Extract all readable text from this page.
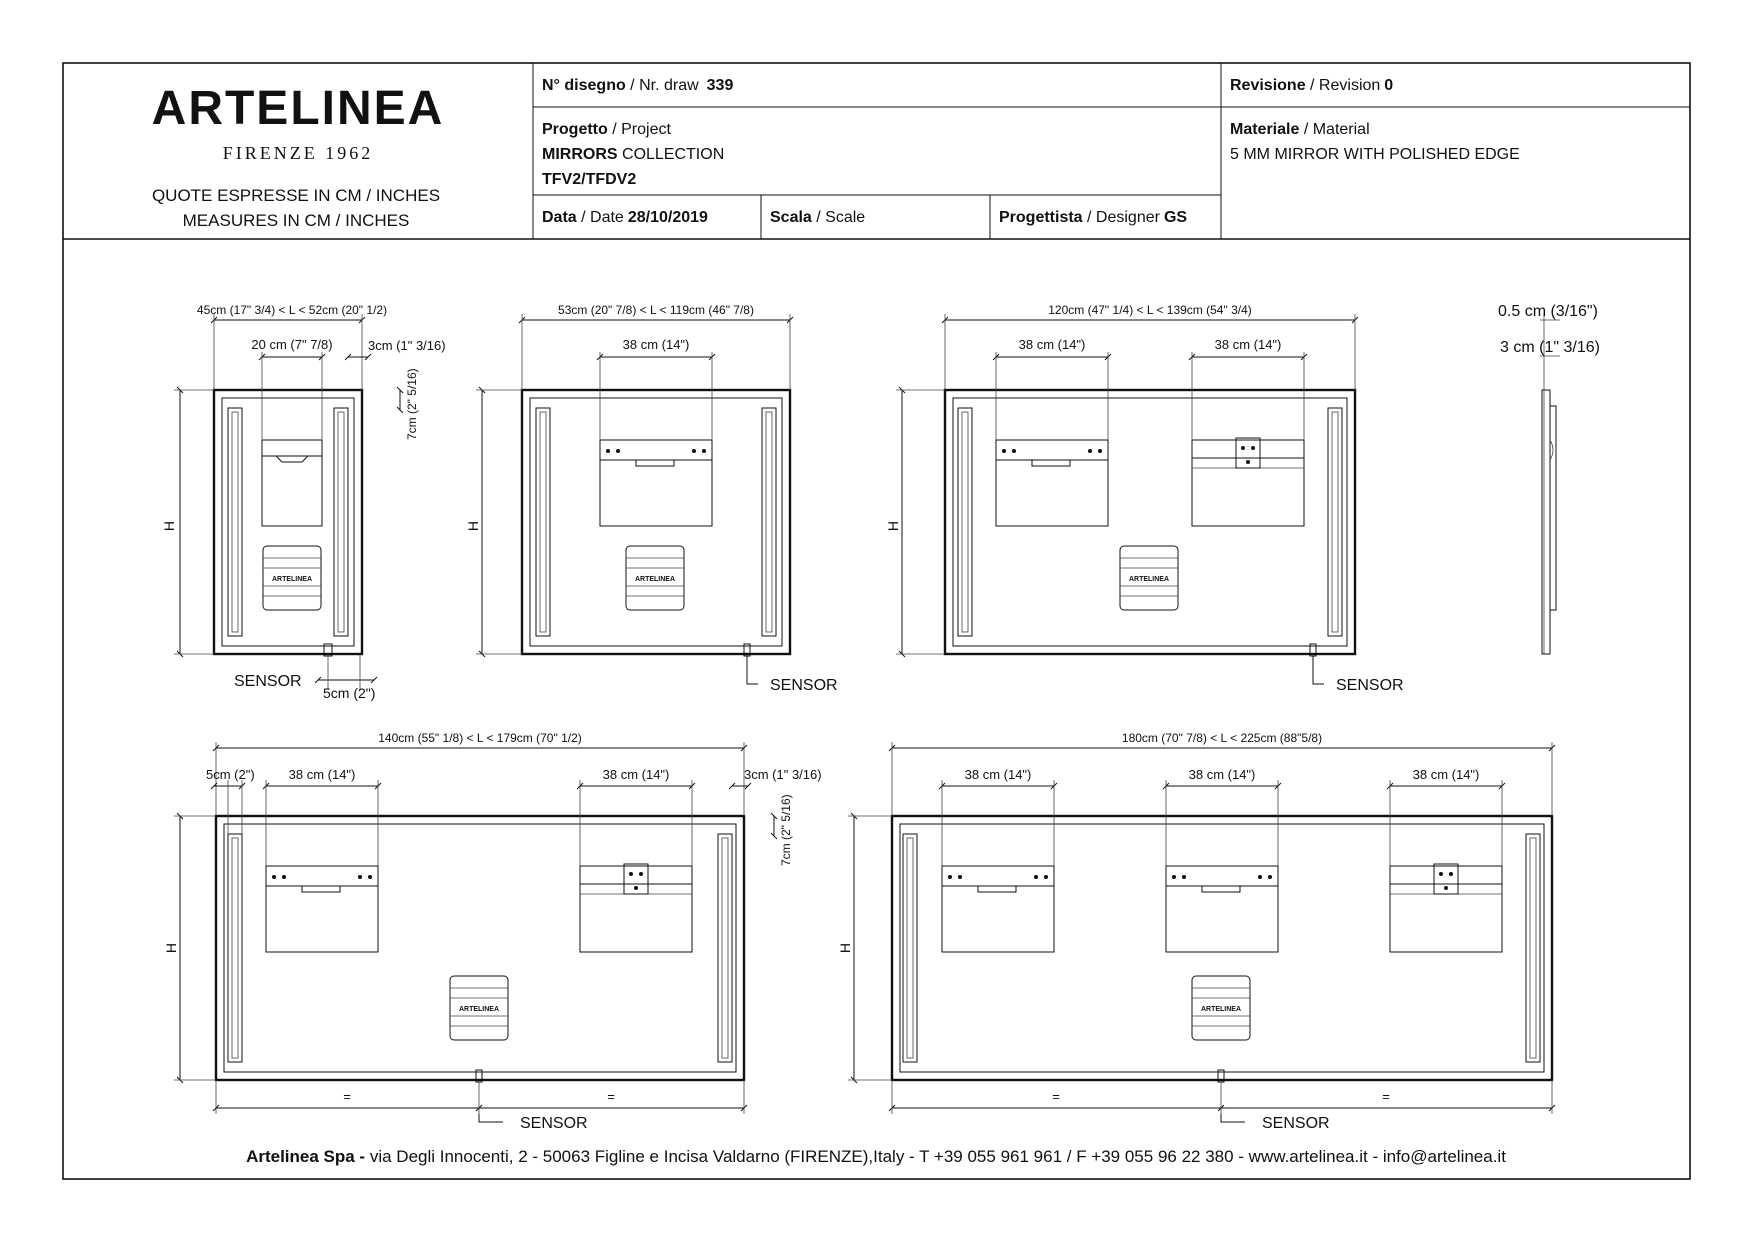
ARTELINEA
FIRENZE 1962
QUOTE ESPRESSE IN CM / INCHES
MEASURES IN CM / INCHES
N° disegno / Nr. draw 339	Revisione / Revision 0
Progetto / Project
MIRRORS COLLECTION
TFV2/TFDV2
Materiale / Material
5 MM MIRROR WITH POLISHED EDGE
Data / Date 28/10/2019	Scala / Scale	Progettista / Designer GS
ARTELINEA
45cm (17" 3/4) < L < 52cm (20" 1/2)
20 cm (7" 7/8)	3cm (1" 3/16)
7cm (2" 5/16)
H
SENSOR
5cm (2")
ARTELINEA
53cm (20" 7/8) < L < 119cm (46" 7/8)
38 cm (14")
H
SENSOR
ARTELINEA
120cm (47" 1/4) < L < 139cm (54" 3/4)
38 cm (14")	38 cm (14")
H
SENSOR
0.5 cm (3/16")
3 cm (1" 3/16)
ARTELINEA
140cm (55" 1/8) < L < 179cm (70" 1/2)
5cm (2")	38 cm (14")	38 cm (14")	3cm (1" 3/16)
7cm (2" 5/16)
H
=	=
SENSOR
ARTELINEA
180cm (70" 7/8) < L < 225cm (88"5/8)
38 cm (14")	38 cm (14")	38 cm (14")
H
=	=
SENSOR
Artelinea Spa - via Degli Innocenti, 2 - 50063 Figline e Incisa Valdarno (FIRENZE),Italy - T +39 055 961 961 / F +39 055 96 22 380 - www.artelinea.it - info@artelinea.it
